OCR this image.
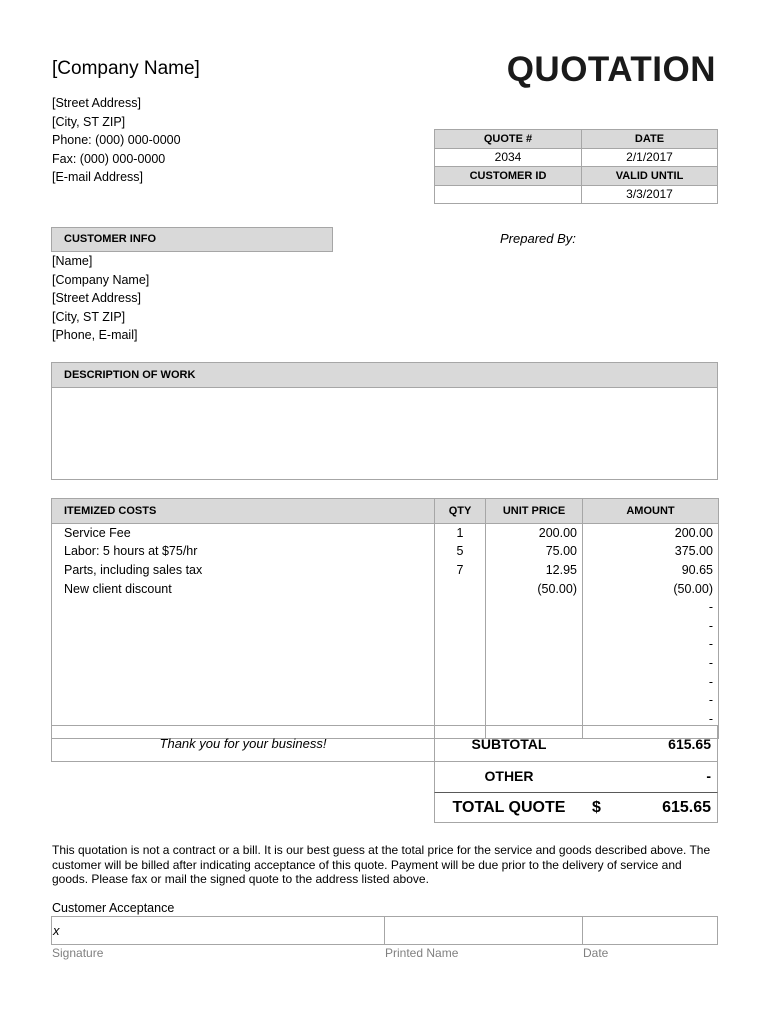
[Company Name]	QUOTATION
[Street Address]
[City, ST ZIP]
Phone: (000) 000-0000
Fax: (000) 000-0000
[E-mail Address]
QUOTE #	DATE
2034	2/1/2017
CUSTOMER ID	VALID UNTIL
	3/3/2017
CUSTOMER INFO	Prepared By:
[Name]
[Company Name]
[Street Address]
[City, ST ZIP]
[Phone, E-mail]
DESCRIPTION OF WORK
ITEMIZED COSTS	QTY	UNIT PRICE	AMOUNT
Service Fee	1	200.00	200.00
Labor: 5 hours at $75/hr	5	75.00	375.00
Parts, including sales tax	7	12.95	90.65
New client discount		(50.00)	(50.00)
			-
			-
			-
			-
			-
			-
			-

Thank you for your business!	SUBTOTAL	615.65
OTHER	-
TOTAL QUOTE	$	615.65
This quotation is not a contract or a bill. It is our best guess at the total price for the service and goods described above. The customer will be billed after indicating acceptance of this quote. Payment will be due prior to the delivery of service and goods. Please fax or mail the signed quote to the address listed above.
Customer Acceptance
x
Signature	Printed Name	Date
